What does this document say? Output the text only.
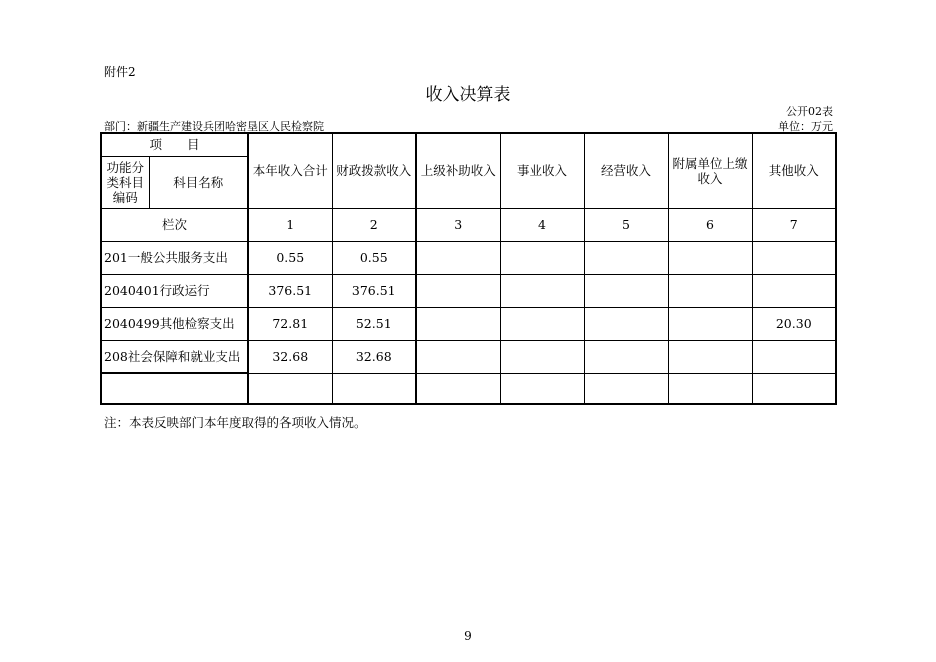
附件2
收入决算表
公开02表
部门：新疆生产建设兵团哈密垦区人民检察院	单位：万元
项　　目		本年收入合计	财政拨款收入	上级补助收入	事业收入	经营收入	附属单位上缴收入	其他收入
功能分类科目编码	科目名称							
栏次		1	2	3	4	5	6	7
201一般公共服务支出		0.55	0.55					
2040401行政运行		376.51	376.51					
2040499其他检察支出		72.81	52.51					20.30
208社会保障和就业支出		32.68	32.68					

注：本表反映部门本年度取得的各项收入情况。
9
